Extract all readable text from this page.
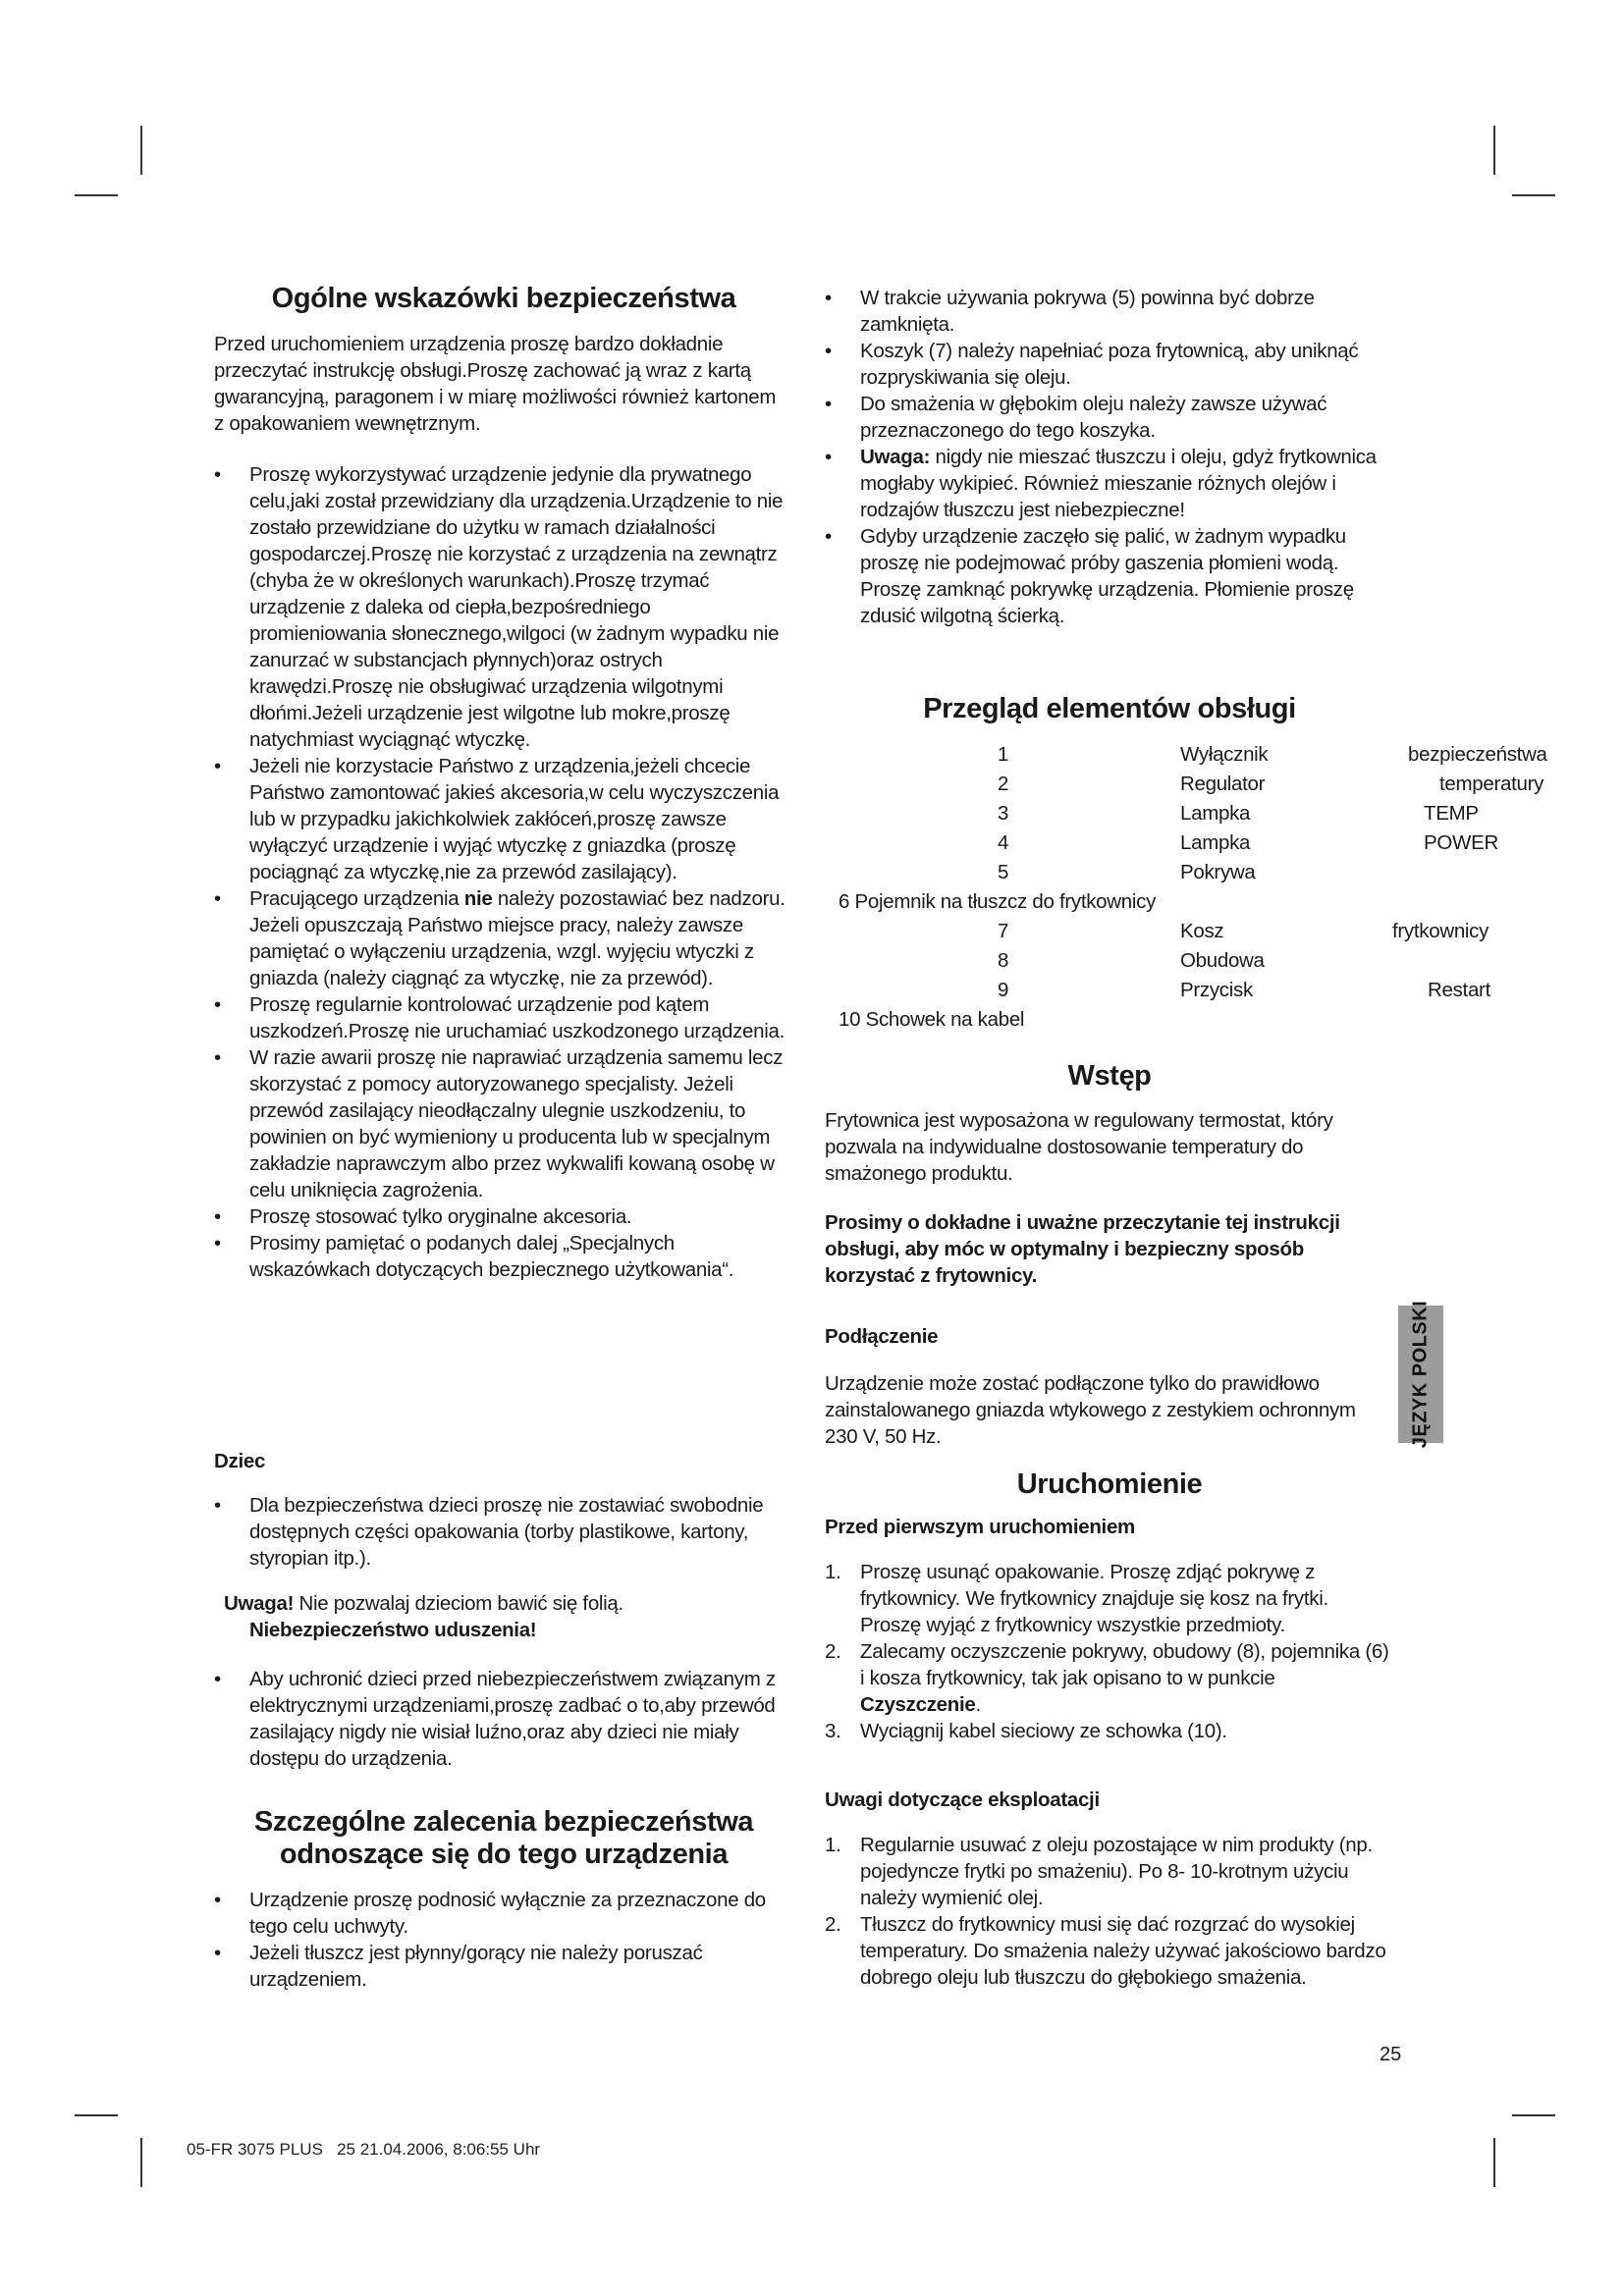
Ogólne wskazówki bezpieczeństwa

Przed uruchomieniem urządzenia proszę bardzo dokładnie przeczytać instrukcję obsługi.Proszę zachować ją wraz z kartą gwarancyjną, paragonem i w miarę możliwości również kartonem z opakowaniem wewnętrznym.

• Proszę wykorzystywać urządzenie jedynie dla prywatnego celu,jaki został przewidziany dla urządzenia.Urządzenie to nie zostało przewidziane do użytku w ramach działalności gospodarczej.Proszę nie korzystać z urządzenia na zewnątrz (chyba że w określonych warunkach).Proszę trzymać urządzenie z daleka od ciepła,bezpośredniego promieniowania słonecznego,wilgoci (w żadnym wypadku nie zanurzać w substancjach płynnych)oraz ostrych krawędzi.Proszę nie obsługiwać urządzenia wilgotnymi dłońmi.Jeżeli urządzenie jest wilgotne lub mokre,proszę natychmiast wyciągnąć wtyczkę.
• Jeżeli nie korzystacie Państwo z urządzenia,jeżeli chcecie Państwo zamontować jakieś akcesoria,w celu wyczyszczenia lub w przypadku jakichkolwiek zakłóceń,proszę zawsze wyłączyć urządzenie i wyjąć wtyczkę z gniazdka (proszę pociągnąć za wtyczkę,nie za przewód zasilający).
• Pracującego urządzenia nie należy pozostawiać bez nadzoru. Jeżeli opuszczają Państwo miejsce pracy, należy zawsze pamiętać o wyłączeniu urządzenia, wzgl. wyjęciu wtyczki z gniazda (należy ciągnąć za wtyczkę, nie za przewód).
• Proszę regularnie kontrolować urządzenie pod kątem uszkodzeń.Proszę nie uruchamiać uszkodzonego urządzenia.
• W razie awarii proszę nie naprawiać urządzenia samemu lecz skorzystać z pomocy autoryzowanego specjalisty. Jeżeli przewód zasilający nieodłączalny ulegnie uszkodzeniu, to powinien on być wymieniony u producenta lub w specjalnym zakładzie naprawczym albo przez wykwalifi kowaną osobę w celu uniknięcia zagrożenia.
• Proszę stosować tylko oryginalne akcesoria.
• Prosimy pamiętać o podanych dalej „Specjalnych wskazówkach dotyczących bezpiecznego użytkowania“.
Dziec
• Dla bezpieczeństwa dzieci proszę nie zostawiać swobodnie dostępnych części opakowania (torby plastikowe, kartony, styropian itp.).
Uwaga! Nie pozwalaj dzieciom bawić się folią.
Niebezpieczeństwo uduszenia!
• Aby uchronić dzieci przed niebezpieczeństwem związanym z elektrycznymi urządzeniami,proszę zadbać o to,aby przewód zasilający nigdy nie wisiał luźno,oraz aby dzieci nie miały dostępu do urządzenia.
Szczególne zalecenia bezpieczeństwa
odnoszące się do tego urządzenia
• Urządzenie proszę podnosić wyłącznie za przeznaczone do tego celu uchwyty.
• Jeżeli tłuszcz jest płynny/gorący nie należy poruszać urządzeniem.
• W trakcie używania pokrywa (5) powinna być dobrze zamknięta.
• Koszyk (7) należy napełniać poza frytownicą, aby uniknąć rozpryskiwania się oleju.
• Do smażenia w głębokim oleju należy zawsze używać przeznaczonego do tego koszyka.
• Uwaga: nigdy nie mieszać tłuszczu i oleju, gdyż frytkownica mogłaby wykipieć. Również mieszanie różnych olejów i rodzajów tłuszczu jest niebezpieczne!
• Gdyby urządzenie zaczęło się palić, w żadnym wypadku proszę nie podejmować próby gaszenia płomieni wodą. Proszę zamknąć pokrywkę urządzenia. Płomienie proszę zdusić wilgotną ścierką.
Przegląd elementów obsługi
1	Wyłącznik	bezpieczeństwa
2	Regulator	temperatury
3	Lampka	TEMP
4	Lampka	POWER
5	Pokrywa
6 Pojemnik na tłuszcz do frytkownicy
7	Kosz	frytkownicy
8	Obudowa
9	Przycisk	Restart
10 Schowek na kabel
Wstęp

Frytownica jest wyposażona w regulowany termostat, który pozwala na indywidualne dostosowanie temperatury do smażonego produktu.

Prosimy o dokładne i uważne przeczytanie tej instrukcji obsługi, aby móc w optymalny i bezpieczny sposób korzystać z frytownicy.

Podłączenie

Urządzenie może zostać podłączone tylko do prawidłowo zainstalowanego gniazda wtykowego z zestykiem ochronnym 230 V, 50 Hz.

Uruchomienie
Przed pierwszym uruchomieniem
1. Proszę usunąć opakowanie. Proszę zdjąć pokrywę z frytkownicy. We frytkownicy znajduje się kosz na frytki. Proszę wyjąć z frytkownicy wszystkie przedmioty.
2. Zalecamy oczyszczenie pokrywy, obudowy (8), pojemnika (6) i kosza frytkownicy, tak jak opisano to w punkcie Czyszczenie.
3. Wyciągnij kabel sieciowy ze schowka (10).
Uwagi dotyczące eksploatacji
1. Regularnie usuwać z oleju pozostające w nim produkty (np. pojedyncze frytki po smażeniu). Po 8- 10-krotnym użyciu należy wymienić olej.
2. Tłuszcz do frytkownicy musi się dać rozgrzać do wysokiej temperatury. Do smażenia należy używać jakościowo bardzo dobrego oleju lub tłuszczu do głębokiego smażenia.
JĘZYK POLSKI
25
05-FR 3075 PLUS   25 21.04.2006, 8:06:55 Uhr
